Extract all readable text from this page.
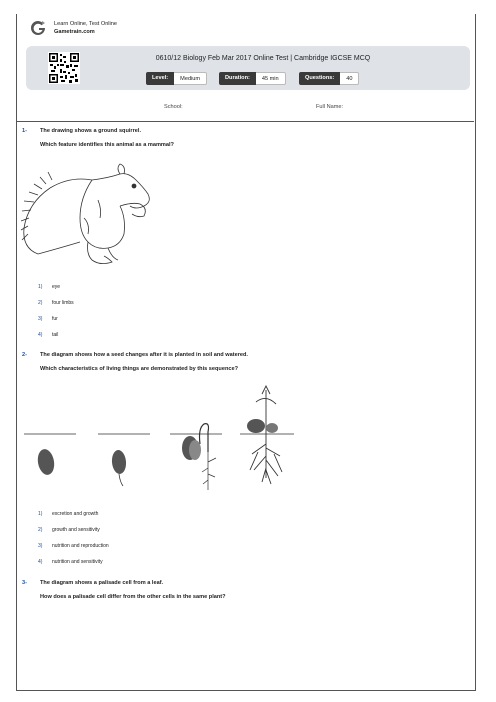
Learn Online, Test Online
Gametrain.com
0610/12 Biology Feb Mar 2017 Online Test | Cambridge IGCSE MCQ
Level:	Medium	Duration:	45 min	Questions:	40
School:	Full Name:
1- The drawing shows a ground squirrel.
Which feature identifies this animal as a mammal?
1) eye
2) four limbs
3) fur
4) tail
2- The diagram shows how a seed changes after it is planted in soil and watered.
Which characteristics of living things are demonstrated by this sequence?
1) excretion and growth
2) growth and sensitivity
3) nutrition and reproduction
4) nutrition and sensitivity
3- The diagram shows a palisade cell from a leaf.
How does a palisade cell differ from the other cells in the same plant?
